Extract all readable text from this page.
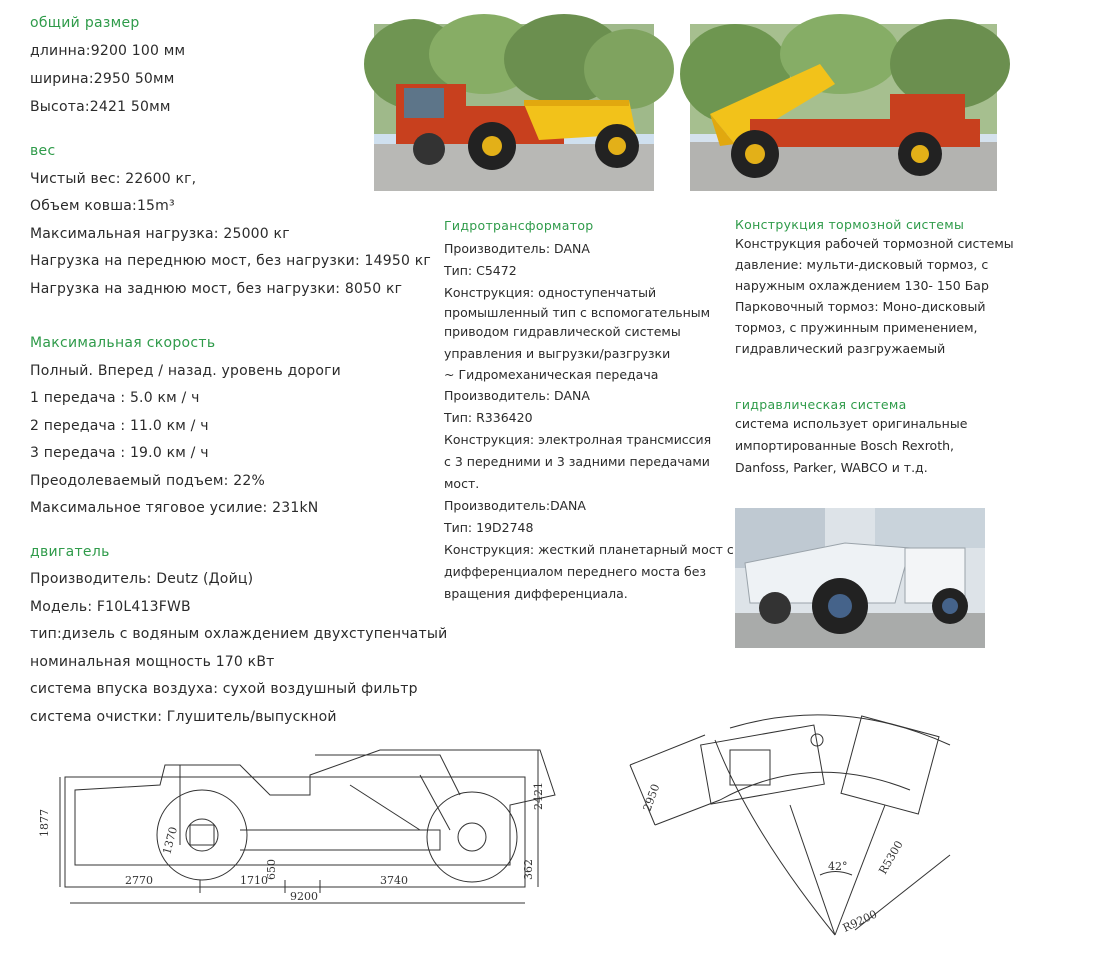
общий размер
длинна:9200 100 мм
ширина:2950 50мм
Высота:2421 50мм
вес
Чистый вес: 22600 кг,
Объем ковша:15m³
Максимальная нагрузка: 25000 кг
Нагрузка на переднюю мост, без нагрузки: 14950 кг
Нагрузка на заднюю мост, без нагрузки: 8050 кг
Максимальная скорость
Полный. Вперед / назад. уровень дороги
1 передача : 5.0 км / ч
2 передача : 11.0 км / ч
3 передача : 19.0 км / ч
Преодолеваемый подъем: 22%
Максимальное тяговое усилие: 231kN
двигатель
Производитель: Deutz (Дойц)
Модель: F10L413FWB
тип:дизель с водяным охлаждением двухступенчатый
номинальная мощность 170 кВт
система впуска воздуха: сухой воздушный фильтр
система очистки: Глушитель/выпускной
Гидротрансформатор
Производитель: DANA
Тип: C5472
Конструкция: одноступенчатый
промышленный тип с вспомогательным
приводом гидравлической системы
управления и выгрузки/разгрузки
~ Гидромеханическая передача
Производитель: DANA
Тип: R336420
Конструкция: электролная трансмиссия
с 3 передними и 3 задними передачами
мост.
Производитель:DANA
Тип: 19D2748
Конструкция: жесткий планетарный мост с
дифференциалом переднего моста без
вращения дифференциала.
Конструкция тормозной системы
Конструкция рабочей тормозной системы
давление: мульти-дисковый тормоз, с
наружным охлаждением 130- 150 Бар
Парковочный тормоз: Моно-дисковый
тормоз, с пружинным применением,
гидравлический разгружаемый
гидравлическая система
система использует оригинальные
импортированные Bosch Rexroth,
Danfoss, Parker, WABCO и т.д.
1877
2421
1370
650	362
2770	1710	3740
9200
2950
42°	R5300
R9200
